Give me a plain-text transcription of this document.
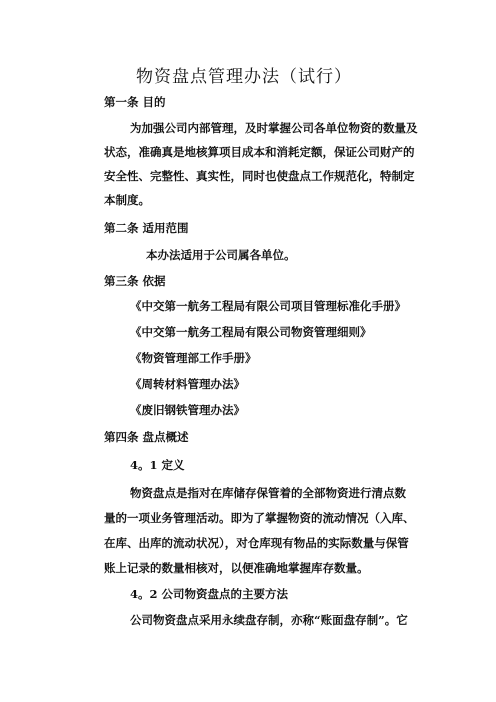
物资盘点管理办法（试行）
第一条 目的
为加强公司内部管理，及时掌握公司各单位物资的数量及
状态，准确真是地核算项目成本和消耗定额，保证公司财产的
安全性、完整性、真实性，同时也使盘点工作规范化，特制定
本制度。
第二条 适用范围
本办法适用于公司属各单位。
第三条 依据
《中交第一航务工程局有限公司项目管理标准化手册》
《中交第一航务工程局有限公司物资管理细则》
《物资管理部工作手册》
《周转材料管理办法》
《废旧钢铁管理办法》
第四条 盘点概述
4。1 定义
物资盘点是指对在库储存保管着的全部物资进行清点数
量的一项业务管理活动。即为了掌握物资的流动情况（入库、
在库、出库的流动状况），对仓库现有物品的实际数量与保管
账上记录的数量相核对，以便准确地掌握库存数量。
4。2 公司物资盘点的主要方法
公司物资盘点采用永续盘存制，亦称“账面盘存制”。它
